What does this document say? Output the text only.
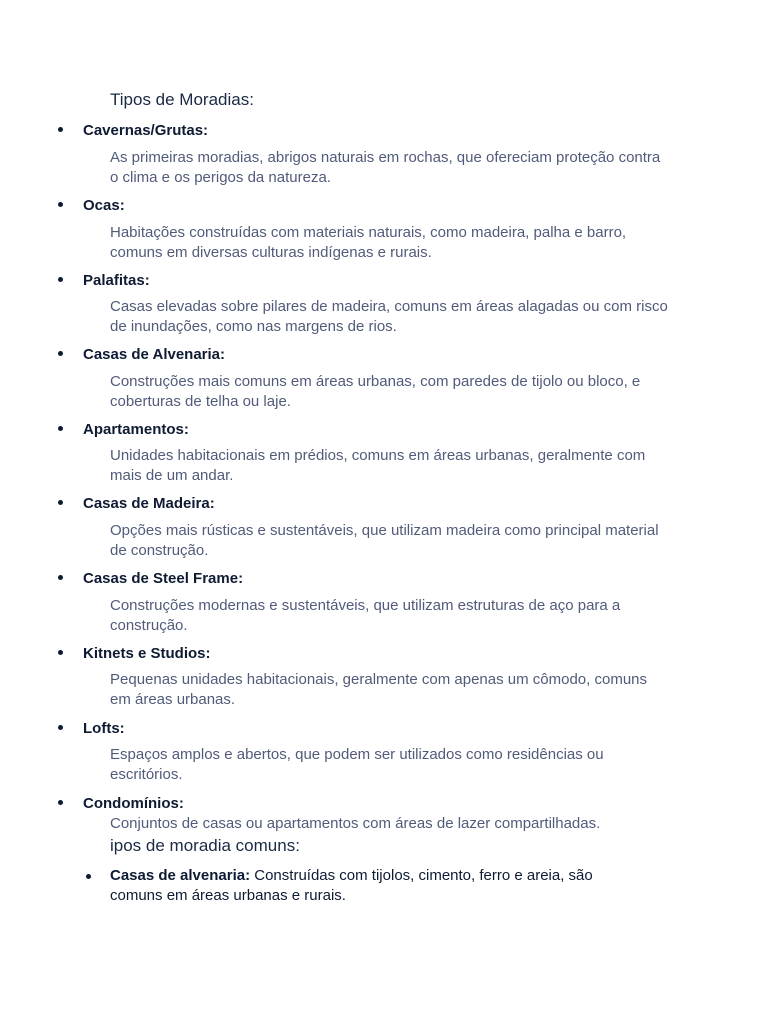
Tipos de Moradias:
Cavernas/Grutas:
As primeiras moradias, abrigos naturais em rochas, que ofereciam proteção contra o clima e os perigos da natureza.
Ocas:
Habitações construídas com materiais naturais, como madeira, palha e barro, comuns em diversas culturas indígenas e rurais.
Palafitas:
Casas elevadas sobre pilares de madeira, comuns em áreas alagadas ou com risco de inundações, como nas margens de rios.
Casas de Alvenaria:
Construções mais comuns em áreas urbanas, com paredes de tijolo ou bloco, e coberturas de telha ou laje.
Apartamentos:
Unidades habitacionais em prédios, comuns em áreas urbanas, geralmente com mais de um andar.
Casas de Madeira:
Opções mais rústicas e sustentáveis, que utilizam madeira como principal material de construção.
Casas de Steel Frame:
Construções modernas e sustentáveis, que utilizam estruturas de aço para a construção.
Kitnets e Studios:
Pequenas unidades habitacionais, geralmente com apenas um cômodo, comuns em áreas urbanas.
Lofts:
Espaços amplos e abertos, que podem ser utilizados como residências ou escritórios.
Condomínios:
Conjuntos de casas ou apartamentos com áreas de lazer compartilhadas.
ipos de moradia comuns:
Casas de alvenaria: Construídas com tijolos, cimento, ferro e areia, são comuns em áreas urbanas e rurais.
